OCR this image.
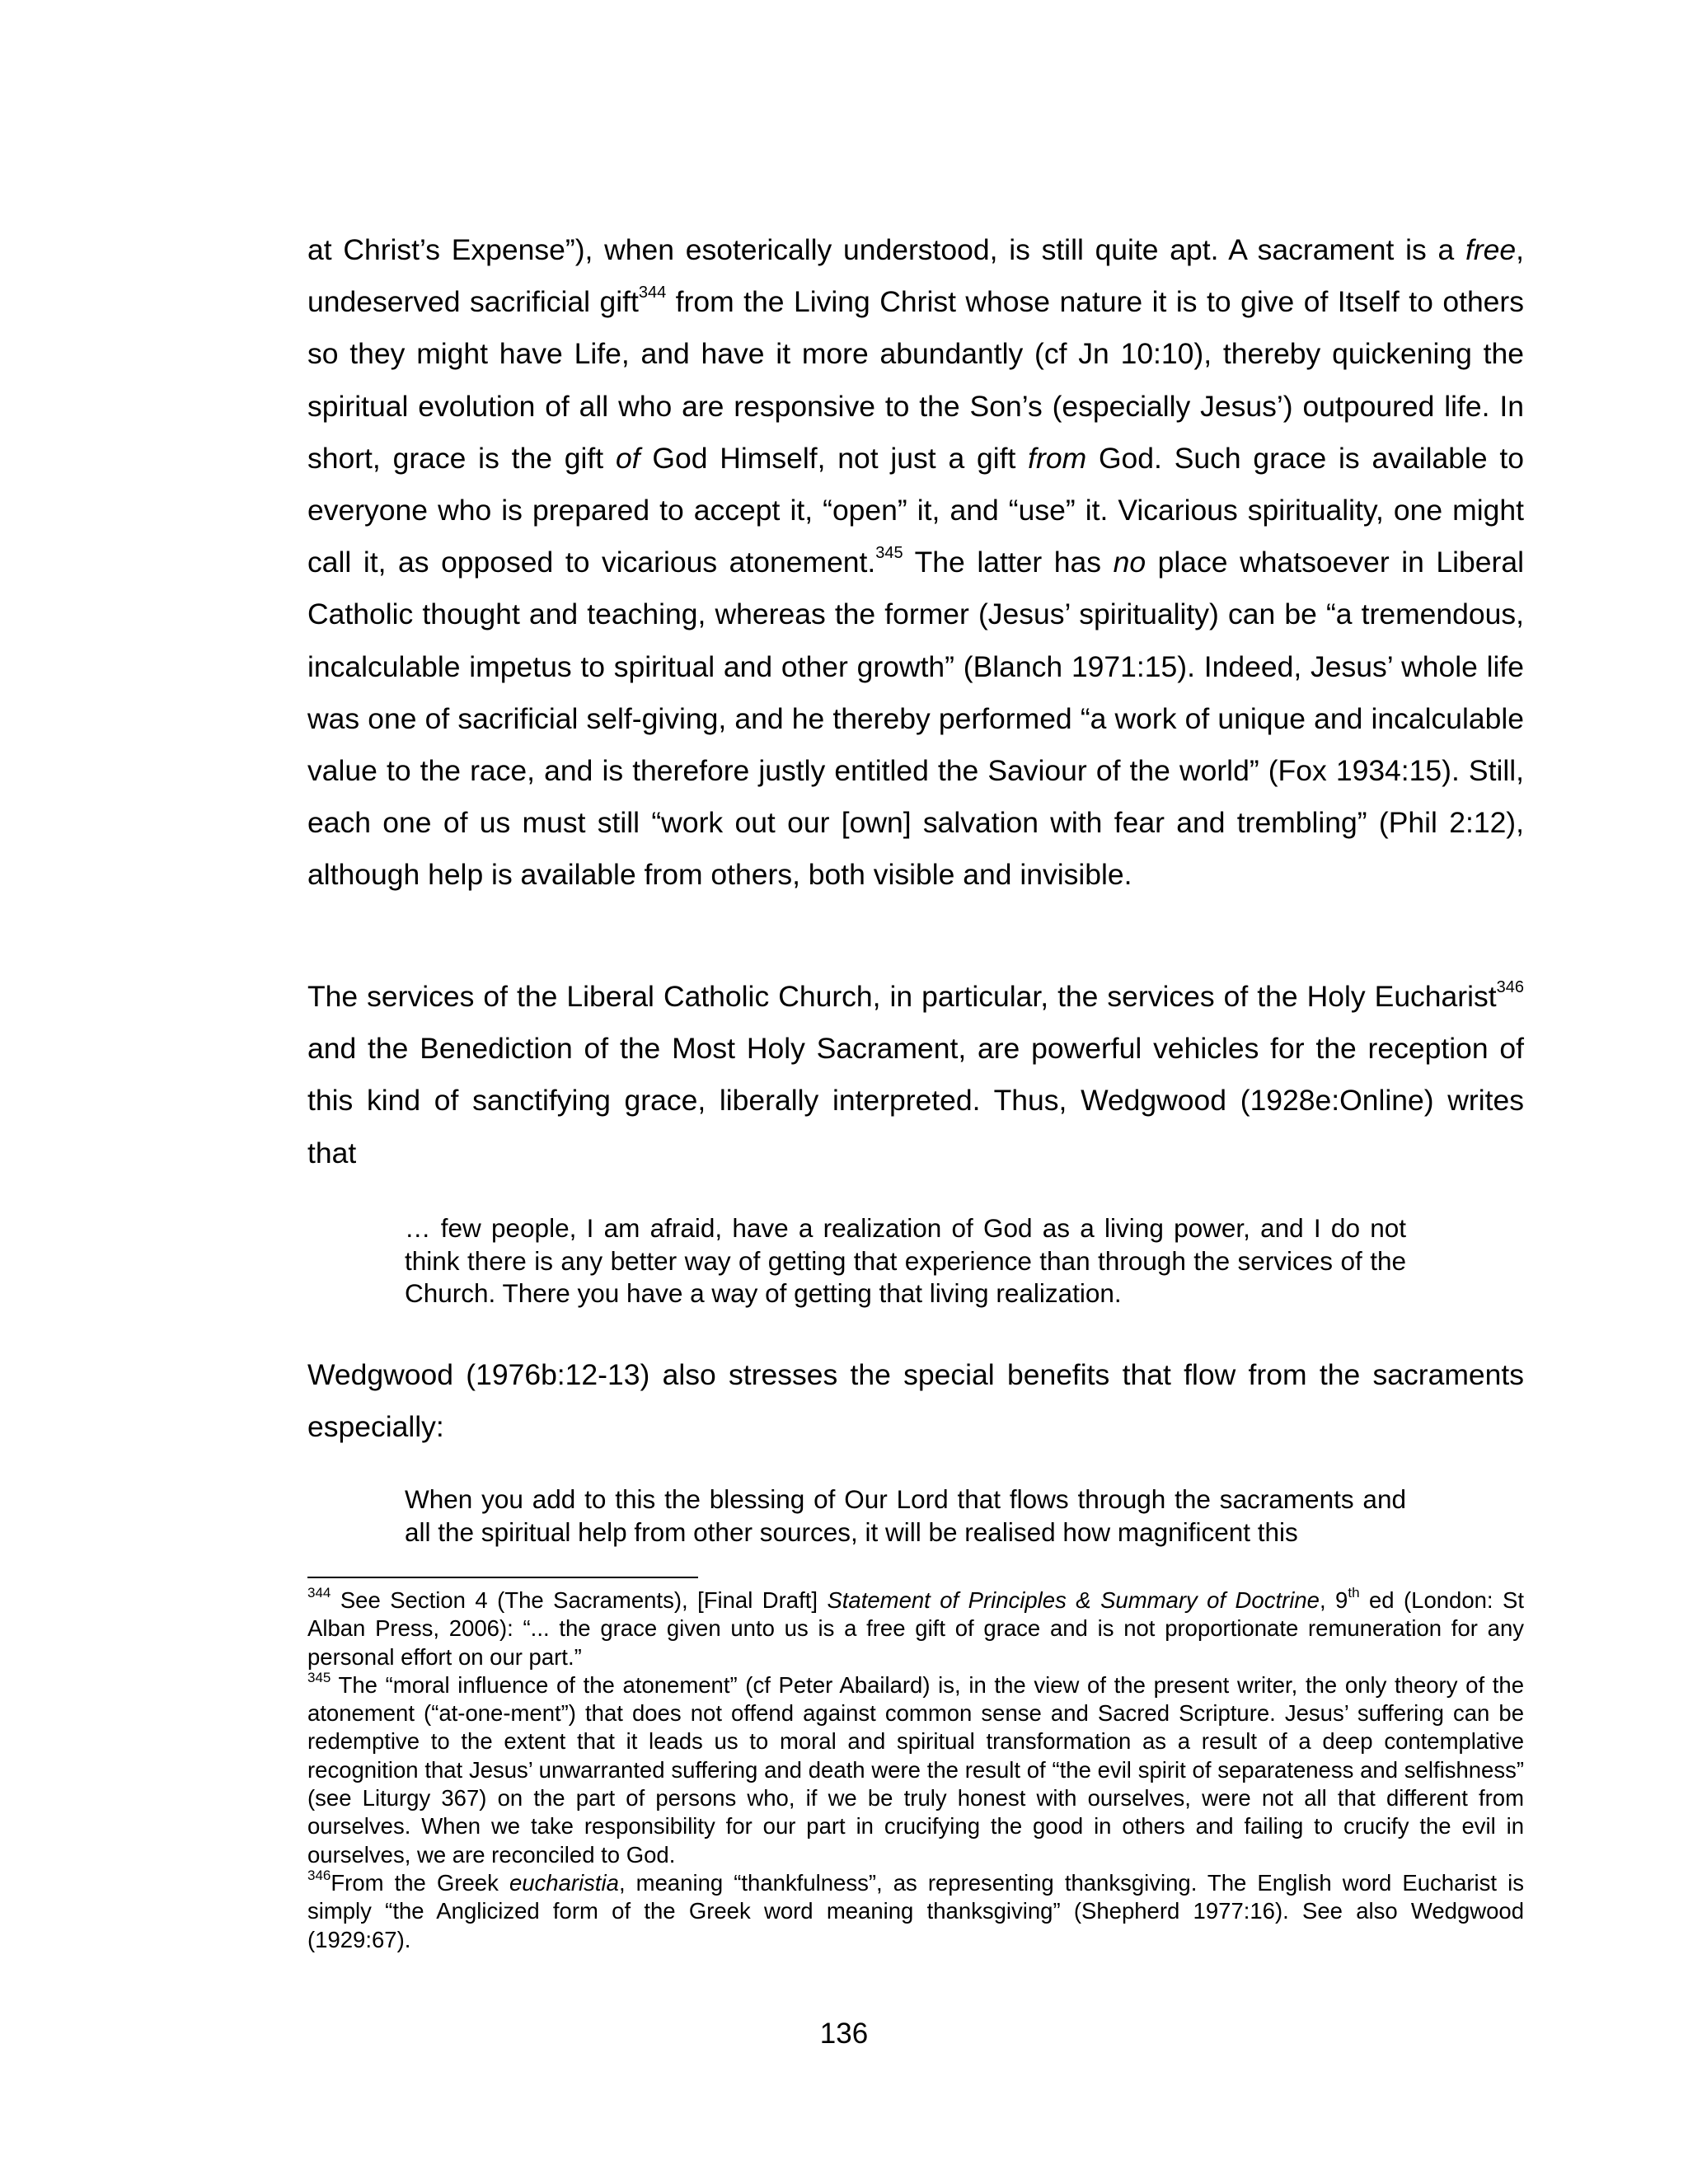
at Christ’s Expense”), when esoterically understood, is still quite apt. A sacrament is a free, undeserved sacrificial gift$^{344}$ from the Living Christ whose nature it is to give of Itself to others so they might have Life, and have it more abundantly (cf Jn 10:10), thereby quickening the spiritual evolution of all who are responsive to the Son’s (especially Jesus’) outpoured life. In short, grace is the gift of God Himself, not just a gift from God. Such grace is available to everyone who is prepared to accept it, “open” it, and “use” it. Vicarious spirituality, one might call it, as opposed to vicarious atonement.$^{345}$ The latter has no place whatsoever in Liberal Catholic thought and teaching, whereas the former (Jesus’ spirituality) can be “a tremendous, incalculable impetus to spiritual and other growth” (Blanch 1971:15). Indeed, Jesus’ whole life was one of sacrificial self-giving, and he thereby performed “a work of unique and incalculable value to the race, and is therefore justly entitled the Saviour of the world” (Fox 1934:15). Still, each one of us must still “work out our [own] salvation with fear and trembling” (Phil 2:12), although help is available from others, both visible and invisible.

The services of the Liberal Catholic Church, in particular, the services of the Holy Eucharist$^{346}$ and the Benediction of the Most Holy Sacrament, are powerful vehicles for the reception of this kind of sanctifying grace, liberally interpreted. Thus, Wedgwood (1928e:Online) writes that

… few people, I am afraid, have a realization of God as a living power, and I do not think there is any better way of getting that experience than through the services of the Church. There you have a way of getting that living realization.

Wedgwood (1976b:12-13) also stresses the special benefits that flow from the sacraments especially:

When you add to this the blessing of Our Lord that flows through the sacraments and all the spiritual help from other sources, it will be realised how magnificent this

$^{344}$ See Section 4 (The Sacraments), [Final Draft] Statement of Principles & Summary of Doctrine, 9th ed (London: St Alban Press, 2006): “... the grace given unto us is a free gift of grace and is not proportionate remuneration for any personal effort on our part.”

$^{345}$ The “moral influence of the atonement” (cf Peter Abailard) is, in the view of the present writer, the only theory of the atonement (“at-one-ment”) that does not offend against common sense and Sacred Scripture. Jesus’ suffering can be redemptive to the extent that it leads us to moral and spiritual transformation as a result of a deep contemplative recognition that Jesus’ unwarranted suffering and death were the result of “the evil spirit of separateness and selfishness” (see Liturgy 367) on the part of persons who, if we be truly honest with ourselves, were not all that different from ourselves. When we take responsibility for our part in crucifying the good in others and failing to crucify the evil in ourselves, we are reconciled to God.

$^{346}$From the Greek eucharistia, meaning “thankfulness”, as representing thanksgiving. The English word Eucharist is simply “the Anglicized form of the Greek word meaning thanksgiving” (Shepherd 1977:16). See also Wedgwood (1929:67).

136
